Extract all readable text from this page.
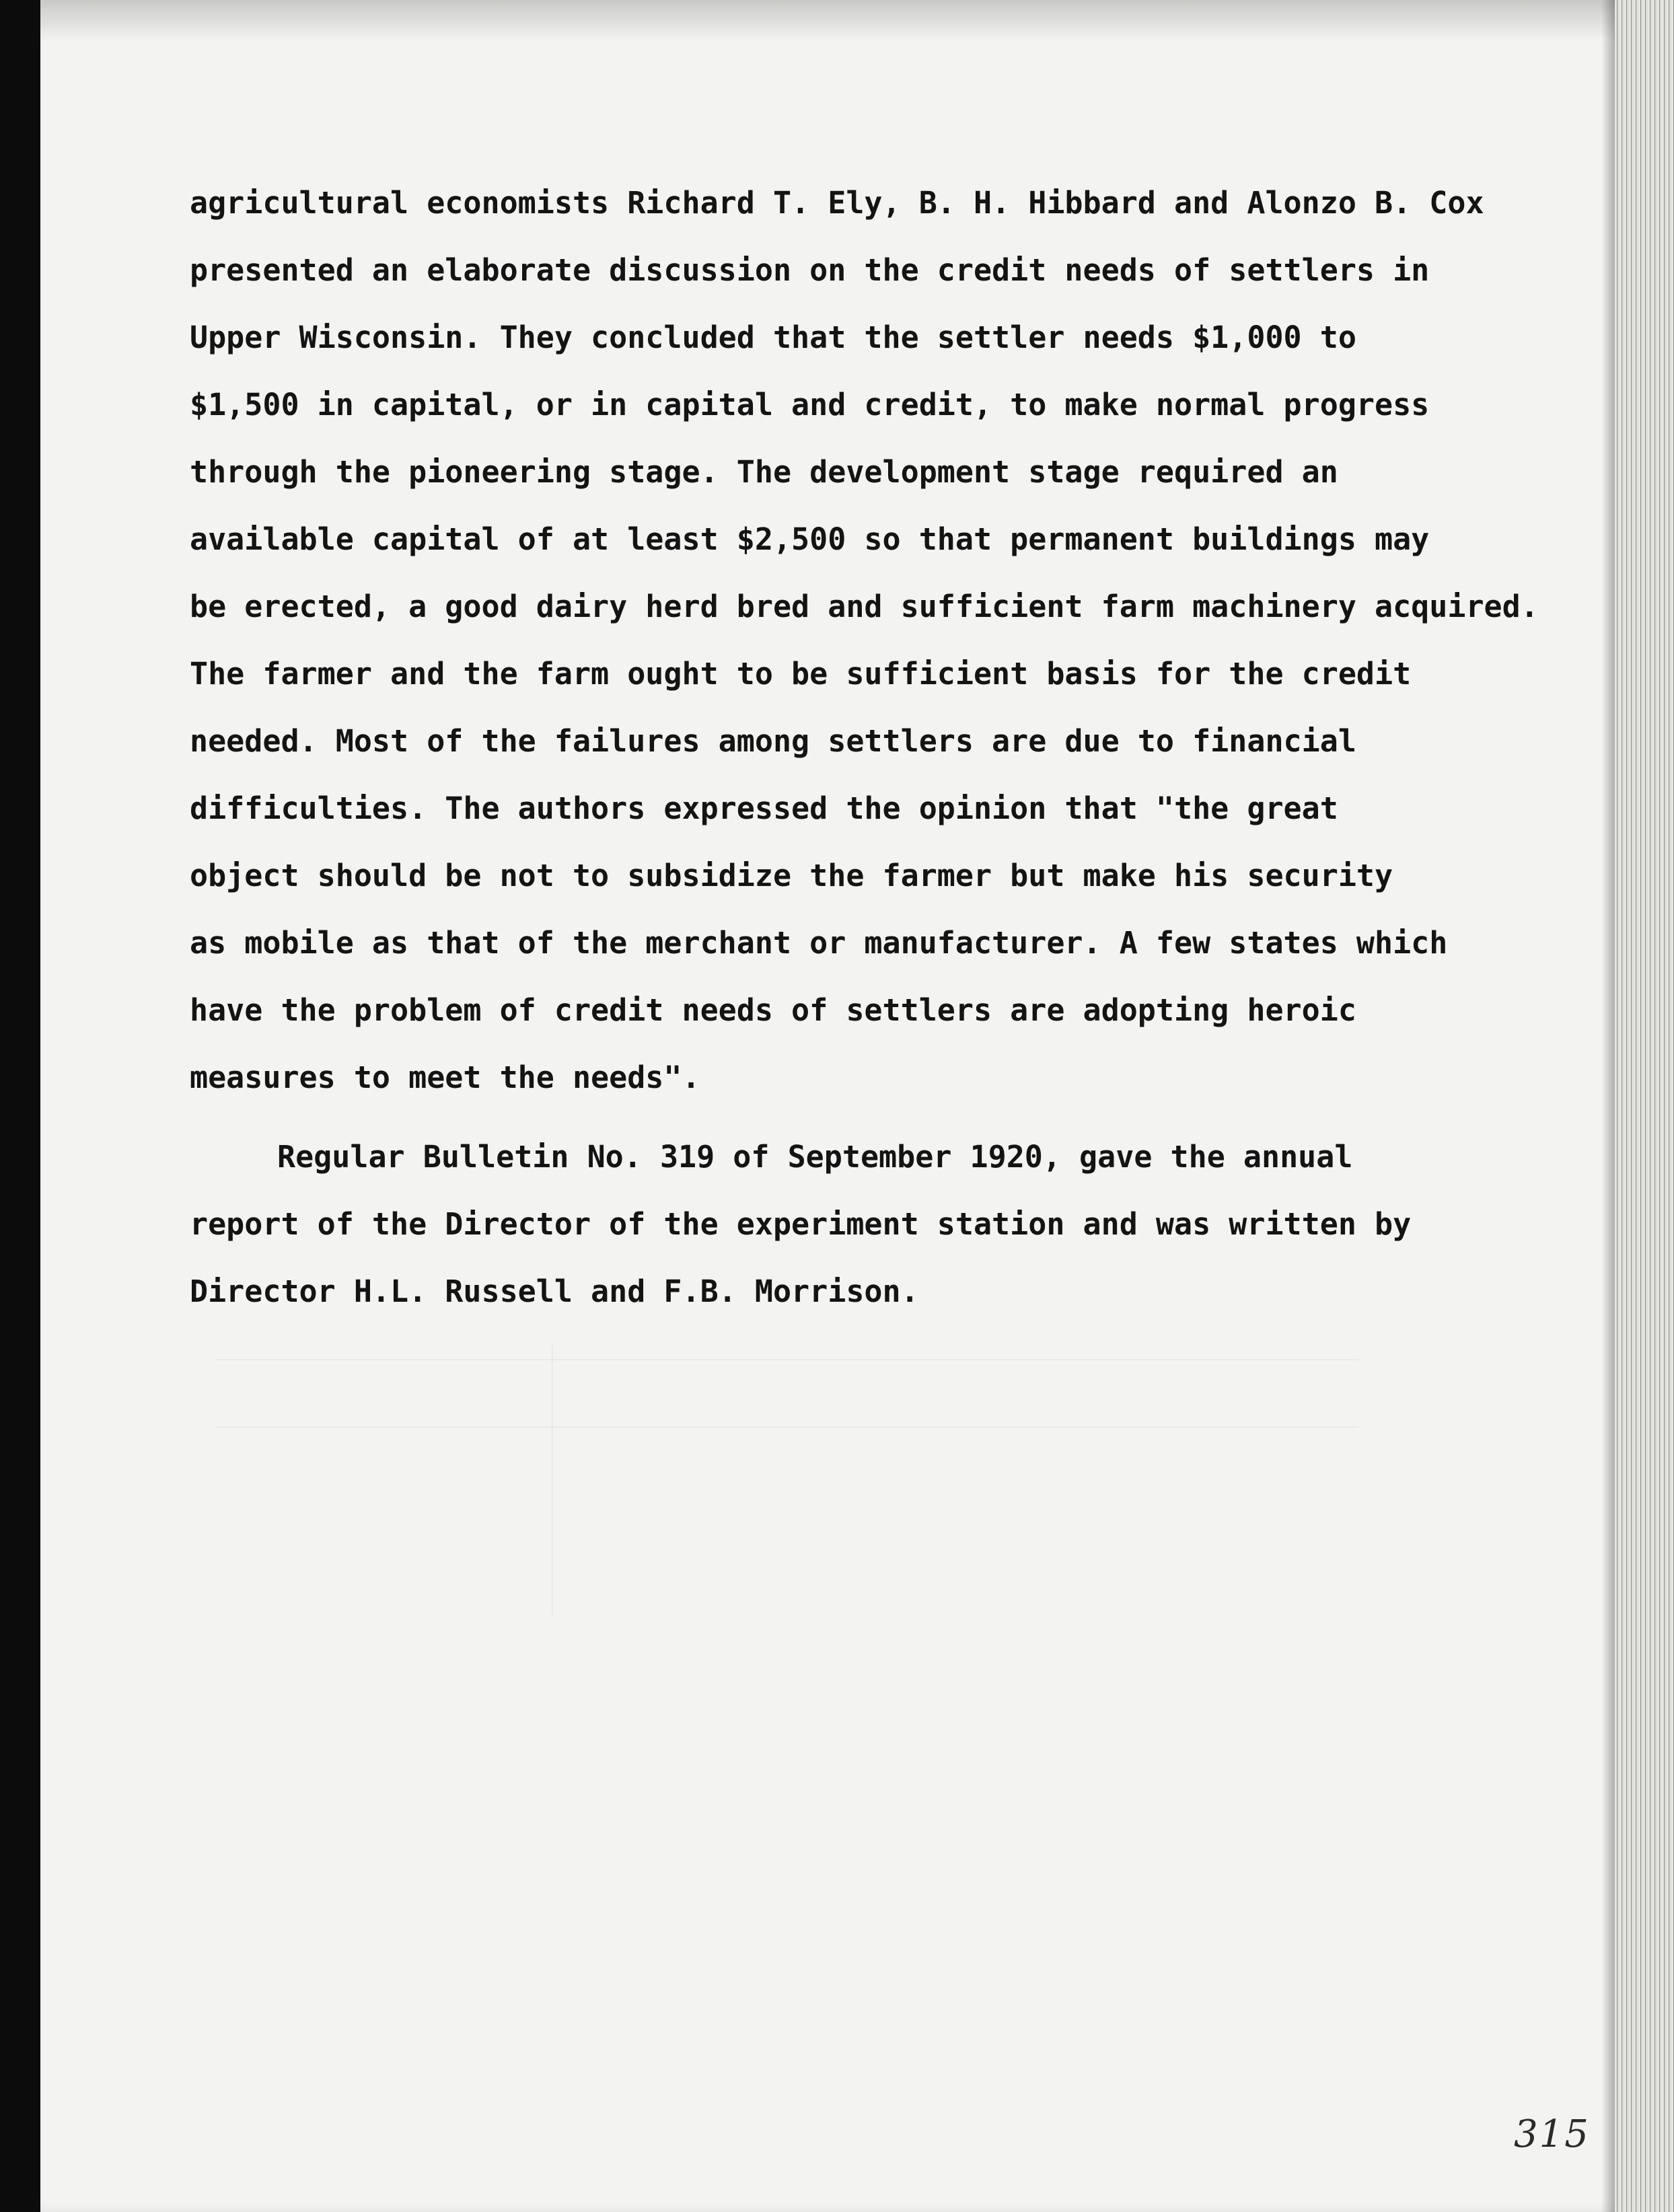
agricultural economists Richard T. Ely, B. H. Hibbard and Alonzo B. Cox
presented an elaborate discussion on the credit needs of settlers in
Upper Wisconsin. They concluded that the settler needs $1,000 to
$1,500 in capital, or in capital and credit, to make normal progress
through the pioneering stage. The development stage required an
available capital of at least $2,500 so that permanent buildings may
be erected, a good dairy herd bred and sufficient farm machinery acquired.
The farmer and the farm ought to be sufficient basis for the credit
needed. Most of the failures among settlers are due to financial
difficulties. The authors expressed the opinion that "the great
object should be not to subsidize the farmer but make his security
as mobile as that of the merchant or manufacturer. A few states which
have the problem of credit needs of settlers are adopting heroic
measures to meet the needs".
Regular Bulletin No. 319 of September 1920, gave the annual
report of the Director of the experiment station and was written by
Director H.L. Russell and F.B. Morrison.
315
